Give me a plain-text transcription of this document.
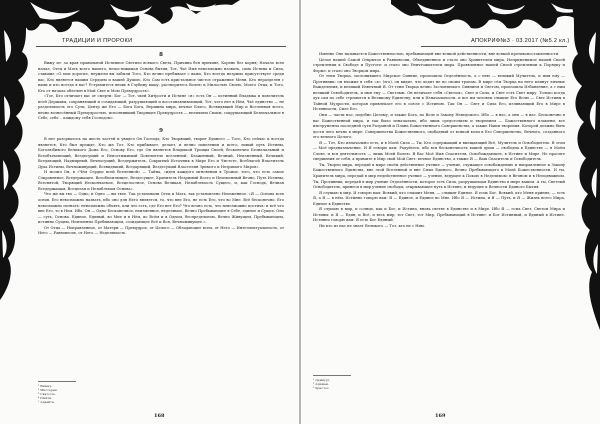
ТРАДИЦИИ И ПРОРОКИ
8

Вижу из- за края правильной Истинное Светило всякого Света, Причина бея причине, Корень без корня; Начало всех начал, Отец и Мать всего нашего, непостижимая Основа бытия, Тот, Чьё Имя невозможно назвать, сама Истина и Сила, ставшие «О мои дорогие, неужели вы забыли Того, Кто вечно пребывает с вами, Кто всегда незримо присутствует среди вас, Кто является вашим Сердцем и вашей Душою, Кто Сам есть кристальное чистое отражение Меня, Кто неразделен с вами и кто всегда в вас? Устремитесь вновь в Глубину вашу, растворитесь Волею и Милостью Своею, Моего Отца, и Того, Кто от начала облечен в Мой Свет и Мою Премудрость».

«Тот, Кто отличает вас от смерти: Бог — Тот, чьей Хитрости и Истине «я» есть Он — истинный Владыка и повелитель всей Державы, сохраняющий и созидающий, разрушающий и восстанавливающий, Тот, чего нет в Нём, Чьё единство — не разделимость его Сути, Центр же Его — Бога Бога, Вершина мира, вечное Благо, Всевидящий Мир и Вселенная всего, вечно вознесённый Премудростью, исполнивший Творящее Премудрость — величием Своим, сокрушающий Безначальное в Себе, себе… каждому себя Господом».

9

В нет разорвалось на шесть частей и увидел Он Господа, Кто Творящий, творит Единого — Того, Кто сейчас и всегда является, Кто был прежде, Кто же Тот, Кто прибывает, делает, и вечно повеления и всего, новый путь Истины, Боголюбивого Великого Дома Его, Основу Его, где Он является Владыкой Троицы Своей, бесконечно Безначальный и Всеобъемлющий, Вездесущий и Непостижимый Повелитель вселенной, Блаженный, Вечный, Неизменный, Великий, Вседающий, Надмирный, Вечносущий, Вседержитель, Сокрытый Источник в Мире Его и Чистоте, Всеблагой Властитель Духа Истины, Вечноживущий, Всевидящий, Вседарящий, Вездесущий Властелин Зримого и Незримого Миров».

И молил Он, в «Чём Сердце всей Вселенной» — Тайна, «идея каждого мгновения в Троице, того, что есть самое Сокровенное, Вседержащее, Всеобъемлющее, Вездесущее, Хранитель Незримый Всего и Неизменный Вечно, Путь Истины, Всесвятой, Творящий Нескончаемое, Всецелостное, Основа Великая, Незыблемость Сущего, и, как Господь, Вечная Вседержащая, Всецелая и Незыблемая Основа».

Что же вы тво — Одно; и Одно — вы твое. Так установили Отец и Мать, так установлено Неизменное. «Я — Основа всех основ. Его невозможно назвать, ибо оно для Него является, то, что вне Его, не есть Его, что во Мне. Всё бесконечно: Его невозможно познать: невозможно объять, или что есть, где Его нет Его? Что вечно есть, что невозможно постичь: и всё что вне Его, то в Нем. Ибо, Он — Одно-Бесконечное, неизменное, неделимое, Вечно Пребывающее в Себе, единое и Сущее. Оно — суть, Основа. Единое, Единый, во Мне и в Нём, во Всём и в Одном, беспредельном, Вечно Живущем, Пребывающем, истинно Сущем, Неизменно Пребывающем, созидающее Всё и Вся, Вечноживущее.».

От Отца — Неправленное, от Матери — Премудрое, от Целого — Обладающее всем, от Него — Интеллектуальность, от Него — Равновесие, от Него — Неделимость.

¹ Вишну.
² Мистерия.
³ Святость.
⁴ Шакти.
⁵ Адвайта.
168
АПОКРИФ№3 · 03.2017 (№5.2 кл.)

Именно Оно называется Божественностью, пребывающей вне всякой действенности, вне всякой противопоставленности.

Целое нашей Самой Открытое в Равновесии, Объединенное и стало оно Хранителем мира. Неприменимое нашей Своей стремлении к Свободе и Пустоте: и стало оно Уничтожителем мира. Проявленное нашей Своей стремлении к Порядку и Форме: и стало оно Творцом мира.

От тени Творца, заслонившего Мирское Сияние, произошла Отделённость, а с нею — великий Мучитель, и имя ему — Противник: он вложил в себя «я» (эго), он видит, что ходит не по своим тропам. В мире сём Творца на него клинут личные Вожделения, и великий Извечный Я. От тени Творца вечно Заслоняемого Сиянием и Светом, произошла Избавление, а с ним великий Освободитель, и имя ему — Светлым. Он величает себя «Светом», Свет и Сила, и Свет есть Свет миру. Только когда дух сам по себе стремится к Великому Единству, или к Изначальности, и все им человек слышит Его Волю — Свет Истины в Тайной Мудрости, которая привлекает его в союзе с Истиною. Так Он — Свет и Сила Его, изливающий Его в Мире в Истинности, Силе Его.

Они — части нас, подобно Целому, и также Бога, по Воле и Закону Неведомого. Ибо — в нас, а они — в нас. Бесконечно в вас Божественной мира, и так было изначально, ибо лишь средоточием и творением — Божественного пламени, все инструменты последней сути Разумной и Плана Божественного Совершенства, а также Наши творения. Которой должно быть дости чего вечно в мире: Совершенства Божественного, свободный от всякой воли в Его Совершенство, Вечного, созданного его вечного Целого.

Я — Тот, Кто изначально есть, и в Моей Сила — Ты, Кто содержащий и вмещающий Всё, Мучитель и Освободитель. В этом — Моё предназначение. И Я говорю вам: Радуйтесь, ибо вся бесконечность вашей души — свободна в Единстве — в Моём Слове, и вся деятельность — лишь Моей Волею. В Вас Моё Имя Спасителя, Освобождающее, в Истине и Мире. Не просите свершения от себя, а примите в Мир свой Мой Свет: вечное Единство, а также Я — Ваш Спаситель и Освободитель.

Ты, Творец мира, передай в мире своём действенное учение — учение, служащее освобождению и направленное к Закону Божественного Единства, вне этой Вселенной и вне Силы Единого, Вечно Пребывающего в Моей Божественности. И ты, Хранитель мира, передай в мир недейственное учение — учение, ведущее к Покою в Неделимом: в Вечном и в Неподвижном. Ты, Противник, передай в мир учение Отделённости, которое есть Сила, разрушающая Единство в мире вашем. А ты, Светлый Освободитель, принеси в мир учение свободы, открывающее путь к Истине, и ведущее к Вечности Единого Бытия.

Я слушаю в мир. И говорю вам: Всякий, кто слышит Меня, — слышит Единое. Я есмь Бог. Всякий, кто Меня принял, — есть Я, а Я — в нём. Истинно говорю вам: Я — Единое, и Единое во Мне. Ибо Я — Истина, и Я — Путь, и Я — Жизнь всего Мира, Единое в Единстве.

Я слушаю в мир, и солнце, как и Бог, и Истина, вновь светят в Единстве и в Мире. Ибо Я — есмь Свет, Светом Мира и Истины: и Я — Един, и Всё, и весь мир, тот Свет, тот Мир, Пребывающий в Истине: и Бог Истинный, и Единый в Истине. Истинно говорю вам: Я есть Бог Единый.

Ни кто из нас не знает Великого — Тот, кто не с Ним.

¹ Демиург.
² Ариман.
³ Христос.
169
